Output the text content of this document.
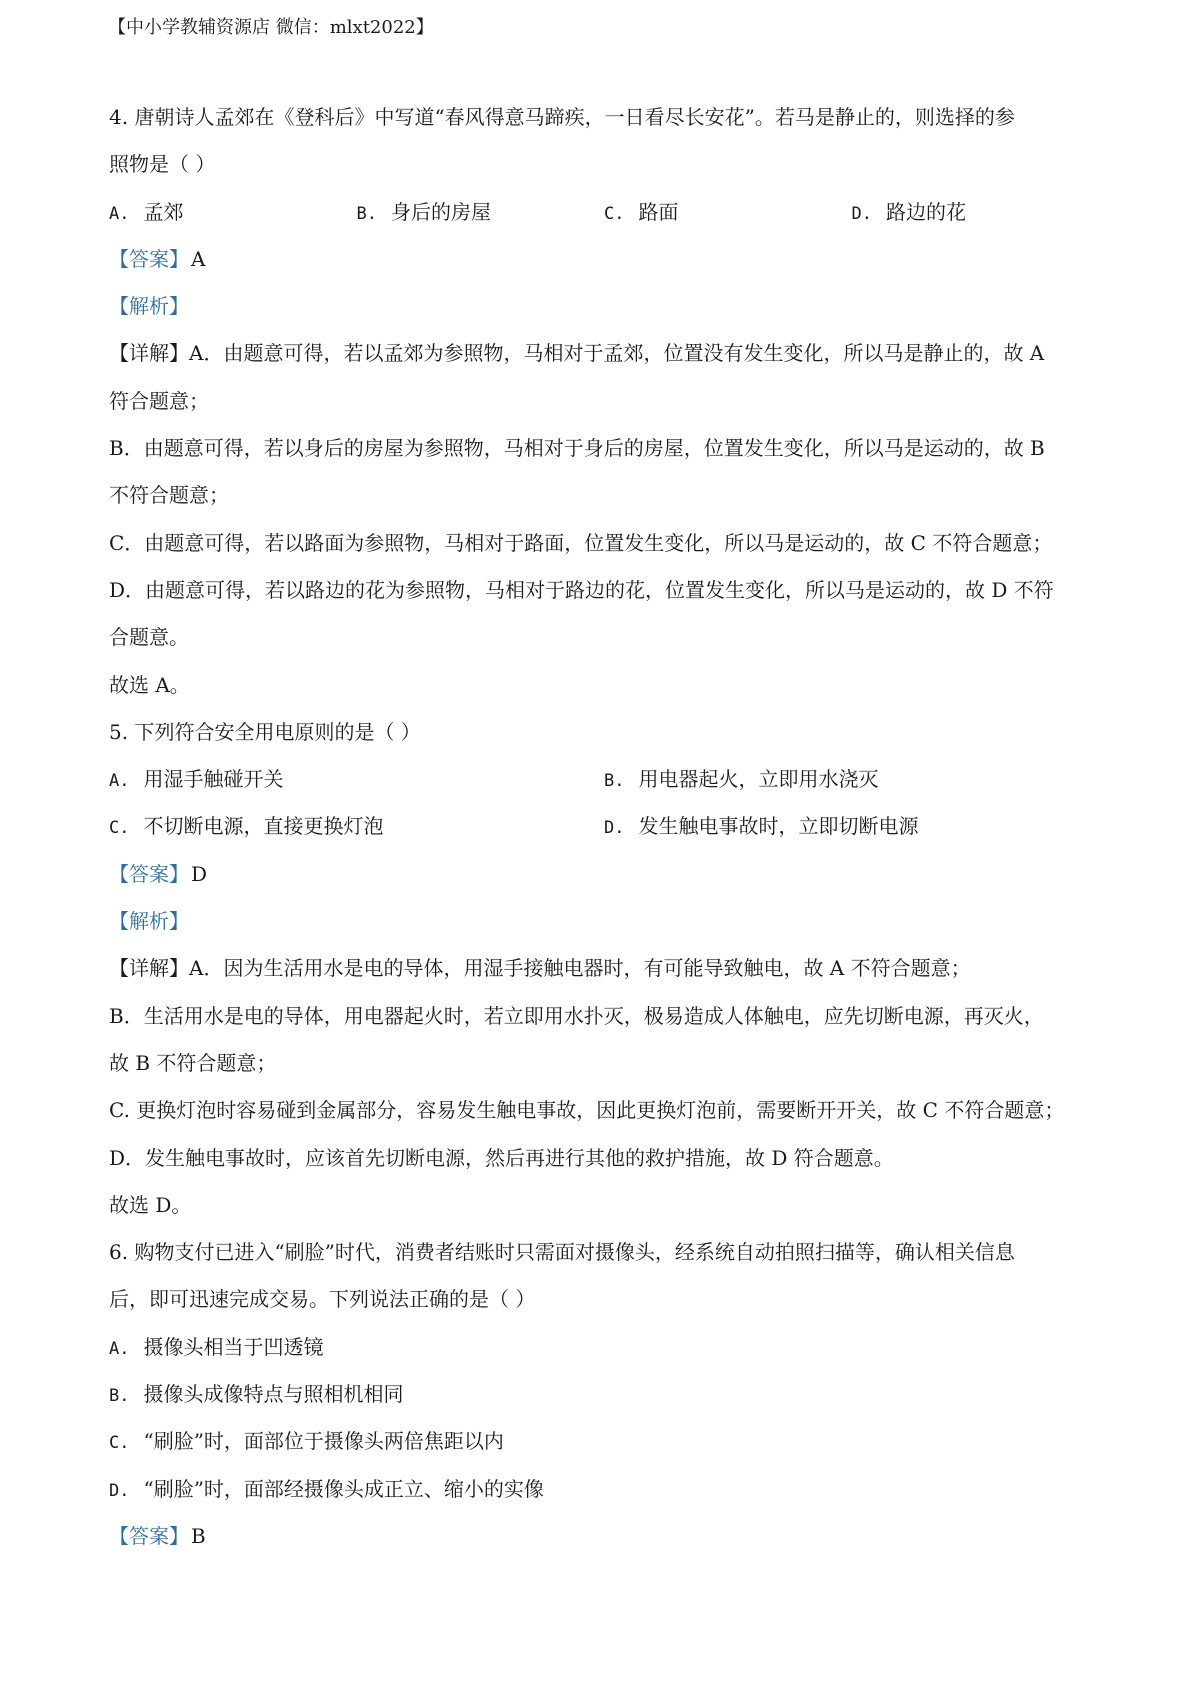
【中小学教辅资源店 微信：mlxt2022】
4. 唐朝诗人孟郊在《登科后》中写道“春风得意马蹄疾，一日看尽长安花”。若马是静止的，则选择的参
照物是（ ）
A. 孟郊	B. 身后的房屋	C. 路面	D. 路边的花
【答案】 A
【解析】
【详解】A．由题意可得，若以孟郊为参照物，马相对于孟郊，位置没有发生变化，所以马是静止的，故 A
符合题意；
B．由题意可得，若以身后的房屋为参照物，马相对于身后的房屋，位置发生变化，所以马是运动的，故 B
不符合题意；
C．由题意可得，若以路面为参照物，马相对于路面，位置发生变化，所以马是运动的，故 C 不符合题意；
D．由题意可得，若以路边的花为参照物，马相对于路边的花，位置发生变化，所以马是运动的，故 D 不符
合题意。
故选 A。
5. 下列符合安全用电原则的是（ ）
A. 用湿手触碰开关	B. 用电器起火，立即用水浇灭
C. 不切断电源，直接更换灯泡	D. 发生触电事故时，立即切断电源
【答案】 D
【解析】
【详解】A．因为生活用水是电的导体，用湿手接触电器时，有可能导致触电，故 A 不符合题意；
B．生活用水是电的导体，用电器起火时，若立即用水扑灭，极易造成人体触电，应先切断电源，再灭火，
故 B 不符合题意；
C. 更换灯泡时容易碰到金属部分，容易发生触电事故，因此更换灯泡前，需要断开开关，故 C 不符合题意；
D．发生触电事故时，应该首先切断电源，然后再进行其他的救护措施，故 D 符合题意。
故选 D。
6. 购物支付已进入“刷脸”时代，消费者结账时只需面对摄像头，经系统自动拍照扫描等，确认相关信息
后，即可迅速完成交易。下列说法正确的是（ ）
A. 摄像头相当于凹透镜
B. 摄像头成像特点与照相机相同
C. “刷脸”时，面部位于摄像头两倍焦距以内
D. “刷脸”时，面部经摄像头成正立、缩小的实像
【答案】 B
